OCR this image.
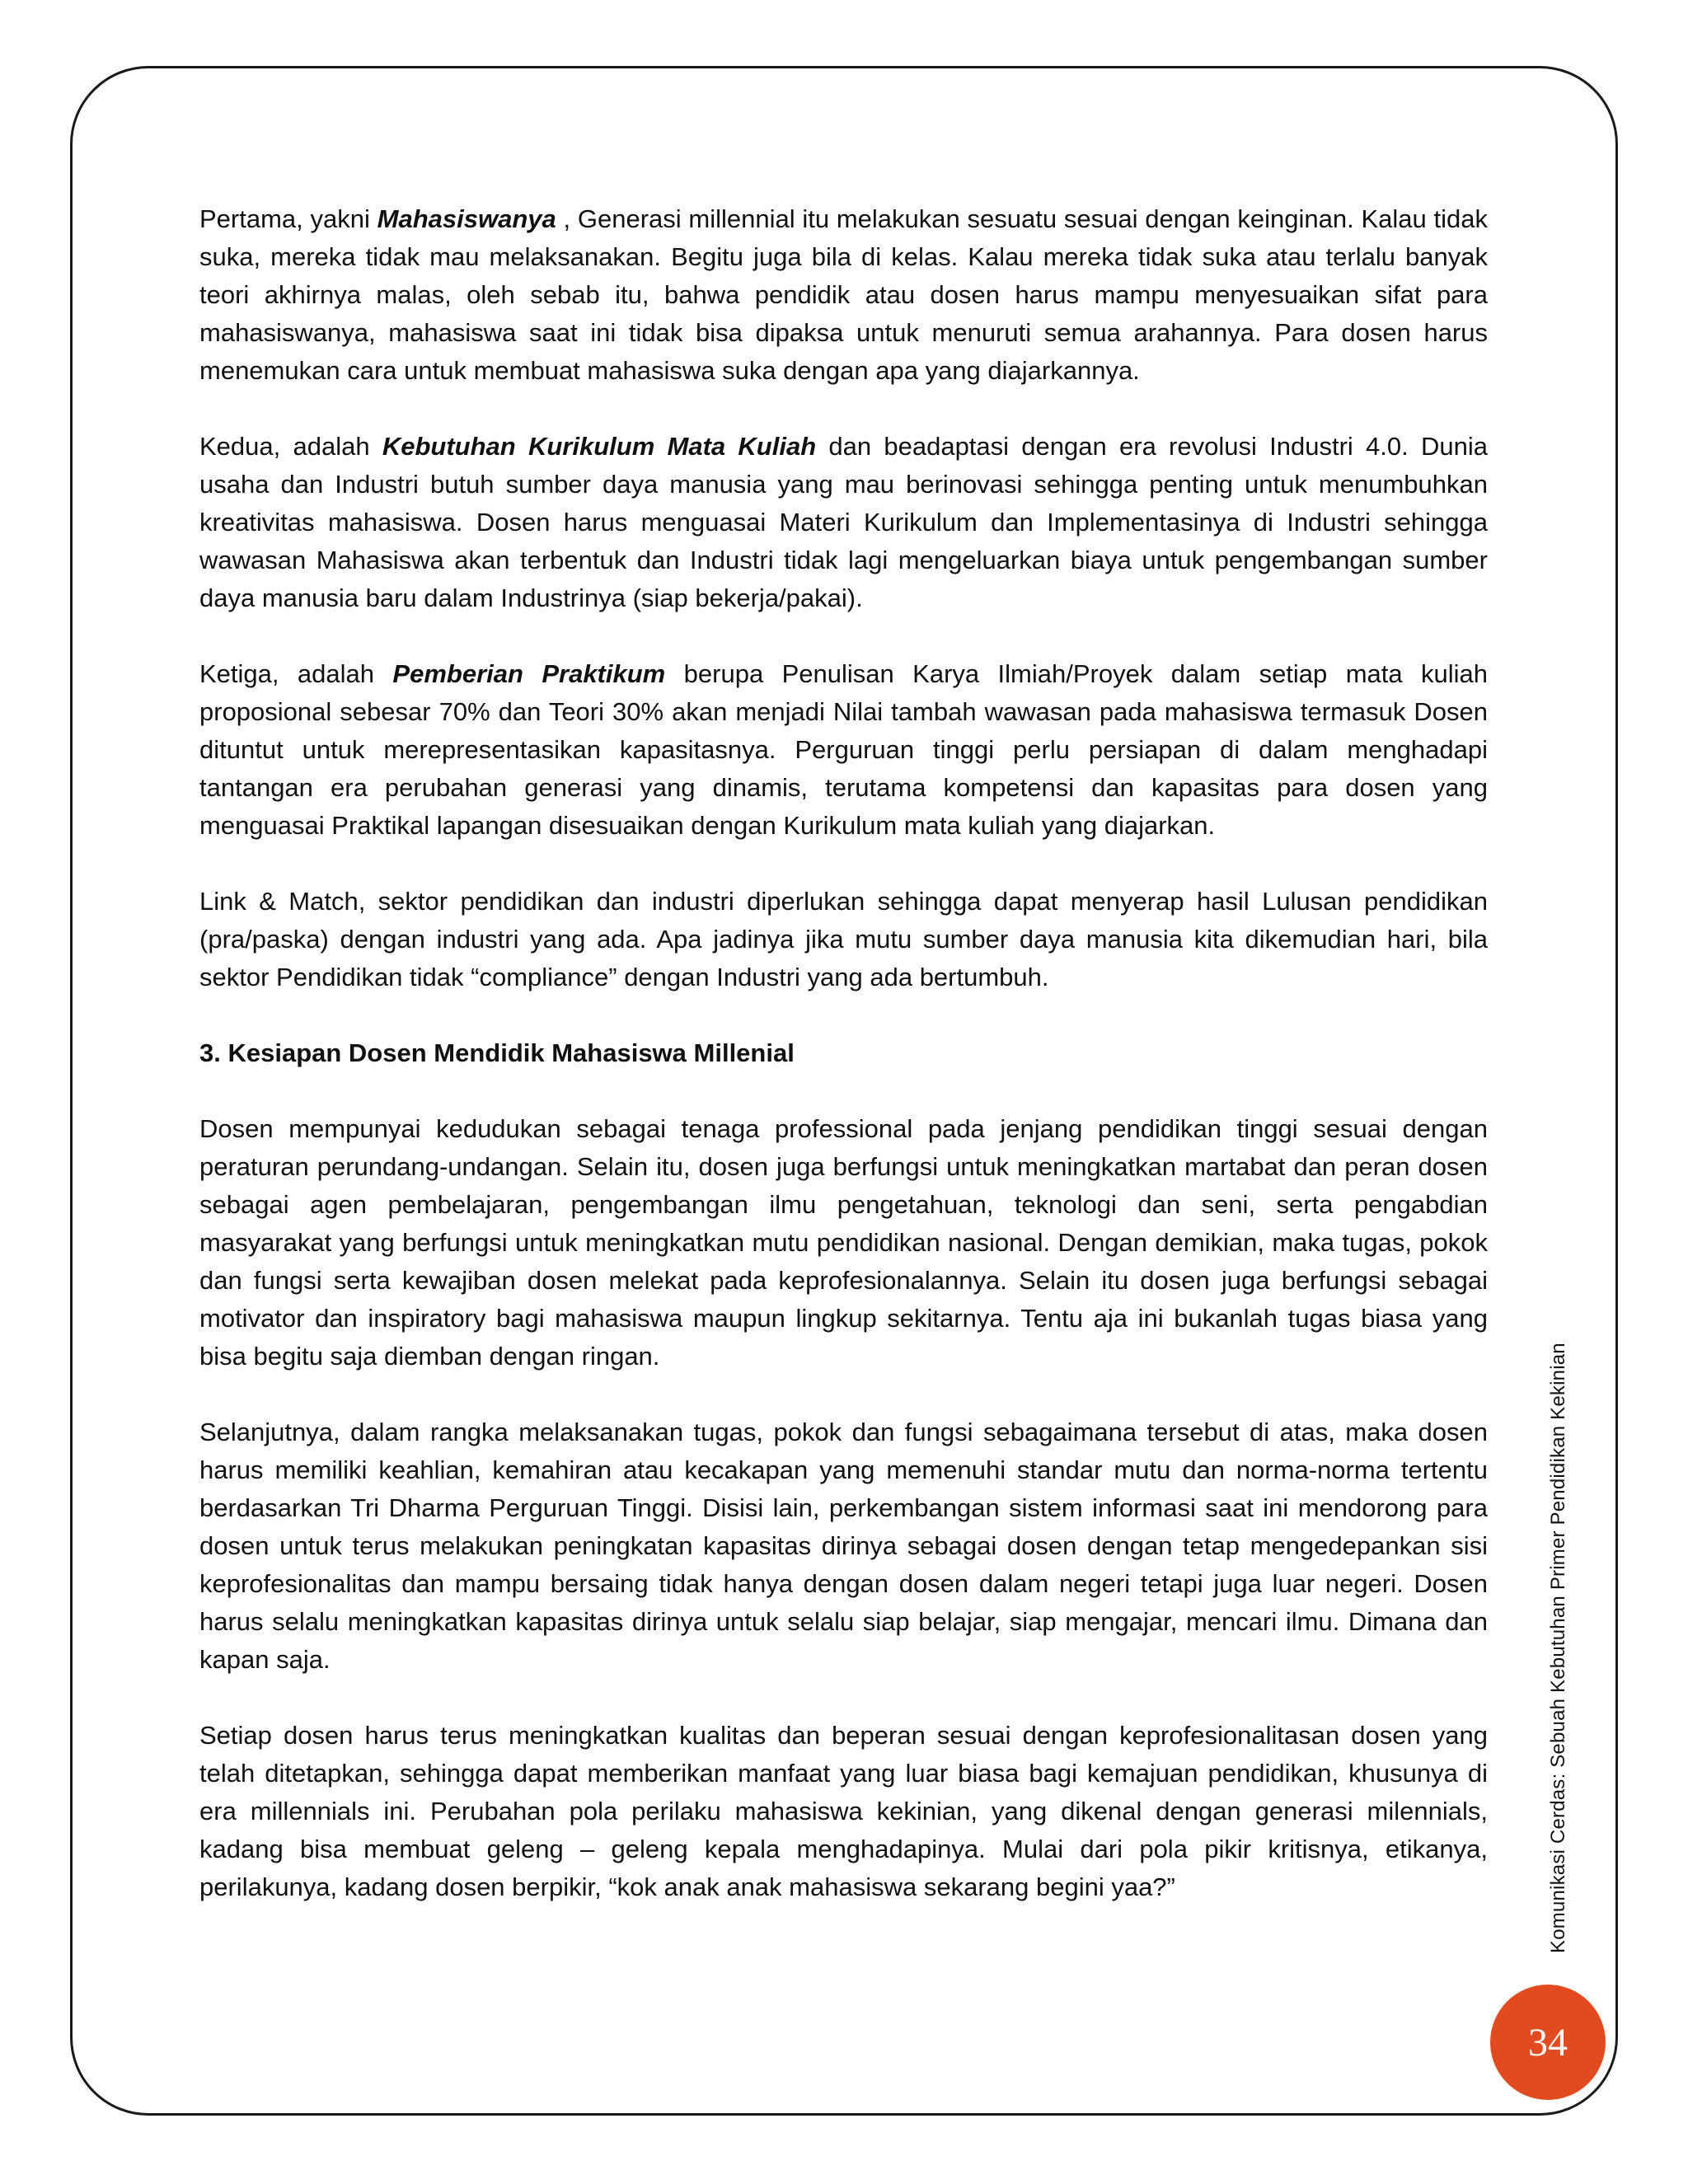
Pertama, yakni Mahasiswanya , Generasi millennial itu melakukan sesuatu sesuai dengan keinginan. Kalau tidak suka, mereka tidak mau melaksanakan. Begitu juga bila di kelas. Kalau mereka tidak suka atau terlalu banyak teori akhirnya malas, oleh sebab itu, bahwa pendidik atau dosen harus mampu menyesuaikan sifat para mahasiswanya, mahasiswa saat ini tidak bisa dipaksa untuk menuruti semua arahannya. Para dosen harus menemukan cara untuk membuat mahasiswa suka dengan apa yang diajarkannya.

Kedua, adalah Kebutuhan Kurikulum Mata Kuliah dan beadaptasi dengan era revolusi Industri 4.0. Dunia usaha dan Industri butuh sumber daya manusia yang mau berinovasi sehingga penting untuk menumbuhkan kreativitas mahasiswa. Dosen harus menguasai Materi Kurikulum dan Implementasinya di Industri sehingga wawasan Mahasiswa akan terbentuk dan Industri tidak lagi mengeluarkan biaya untuk pengembangan sumber daya manusia baru dalam Industrinya (siap bekerja/pakai).

Ketiga, adalah Pemberian Praktikum berupa Penulisan Karya Ilmiah/Proyek dalam setiap mata kuliah proposional sebesar 70% dan Teori 30% akan menjadi Nilai tambah wawasan pada mahasiswa termasuk Dosen dituntut untuk merepresentasikan kapasitasnya. Perguruan tinggi perlu persiapan di dalam menghadapi tantangan era perubahan generasi yang dinamis, terutama kompetensi dan kapasitas para dosen yang menguasai Praktikal lapangan disesuaikan dengan Kurikulum mata kuliah yang diajarkan.

Link & Match, sektor pendidikan dan industri diperlukan sehingga dapat menyerap hasil Lulusan pendidikan (pra/paska) dengan industri yang ada. Apa jadinya jika mutu sumber daya manusia kita dikemudian hari, bila sektor Pendidikan tidak “compliance” dengan Industri yang ada bertumbuh.

3. Kesiapan Dosen Mendidik Mahasiswa Millenial

Dosen mempunyai kedudukan sebagai tenaga professional pada jenjang pendidikan tinggi sesuai dengan peraturan perundang-undangan. Selain itu, dosen juga berfungsi untuk meningkatkan martabat dan peran dosen sebagai agen pembelajaran, pengembangan ilmu pengetahuan, teknologi dan seni, serta pengabdian masyarakat yang berfungsi untuk meningkatkan mutu pendidikan nasional. Dengan demikian, maka tugas, pokok dan fungsi serta kewajiban dosen melekat pada keprofesionalannya. Selain itu dosen juga berfungsi sebagai motivator dan inspiratory bagi mahasiswa maupun lingkup sekitarnya. Tentu aja ini bukanlah tugas biasa yang bisa begitu saja diemban dengan ringan.

Selanjutnya, dalam rangka melaksanakan tugas, pokok dan fungsi sebagaimana tersebut di atas, maka dosen harus memiliki keahlian, kemahiran atau kecakapan yang memenuhi standar mutu dan norma-norma tertentu berdasarkan Tri Dharma Perguruan Tinggi. Disisi lain, perkembangan sistem informasi saat ini mendorong para dosen untuk terus melakukan peningkatan kapasitas dirinya sebagai dosen dengan tetap mengedepankan sisi keprofesionalitas dan mampu bersaing tidak hanya dengan dosen dalam negeri tetapi juga luar negeri. Dosen harus selalu meningkatkan kapasitas dirinya untuk selalu siap belajar, siap mengajar, mencari ilmu. Dimana dan kapan saja.

Setiap dosen harus terus meningkatkan kualitas dan beperan sesuai dengan keprofesionalitasan dosen yang telah ditetapkan, sehingga dapat memberikan manfaat yang luar biasa bagi kemajuan pendidikan, khusunya di era millennials ini. Perubahan pola perilaku mahasiswa kekinian, yang dikenal dengan generasi milennials, kadang bisa membuat geleng – geleng kepala menghadapinya. Mulai dari pola pikir kritisnya, etikanya, perilakunya, kadang dosen berpikir, “kok anak anak mahasiswa sekarang begini yaa?”	Komunikasi Cerdas: Sebuah Kebutuhan Primer Pendidikan Kekinian
34
